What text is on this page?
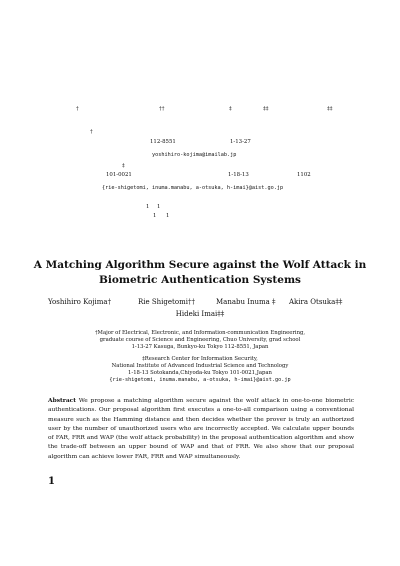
†	††	‡	‡‡	‡‡
†
112-8551	1-13-27
yoshihiro-kojima@imailab.jp
‡
101-0021	1-18-13	1102
{rie-shigetomi, inuma.manabu, a-otsuka, h-imai}@aist.go.jp
1 1
1 1
A Matching Algorithm Secure against the Wolf Attack in
Biometric Authentication Systems
Yoshihiro Kojima†	Rie Shigetomi††	Manabu Inuma ‡ Akira Otsuka‡‡
Hideki Imai‡‡
†Major of Electrical, Electronic, and Information-communication Engineering,
graduate course of Science and Engineering, Chuo University, grad school
1-13-27 Kasuga, Bunkyo-ku Tokyo 112-8551, Japan
‡Research Center for Information Security,
National Institute of Advanced Industrial Science and Technology
1-18-13 Sotokanda,Chiyoda-ku Tokyo 101-0021,Japan
{rie-shigetomi, inuma.manabu, a-otsuka, h-imai}@aist.go.jp
Abstract We propose a matching algorithm secure against the wolf attack in one-to-one biometric authentications. Our proposal algorithm first executes a one-to-all comparison using a conventional measure such as the Hamming distance and then decides whether the prover is truly an authorized user by the number of unauthorized users who are incorrectly accepted. We calculate upper bounds of FAR, FRR and WAP (the wolf attack probability) in the proposal authentication algorithm and show the trade-off between an upper bound of WAP and that of FRR. We also show that our proposal algorithm can achieve lower FAR, FRR and WAP simultaneously.
1
